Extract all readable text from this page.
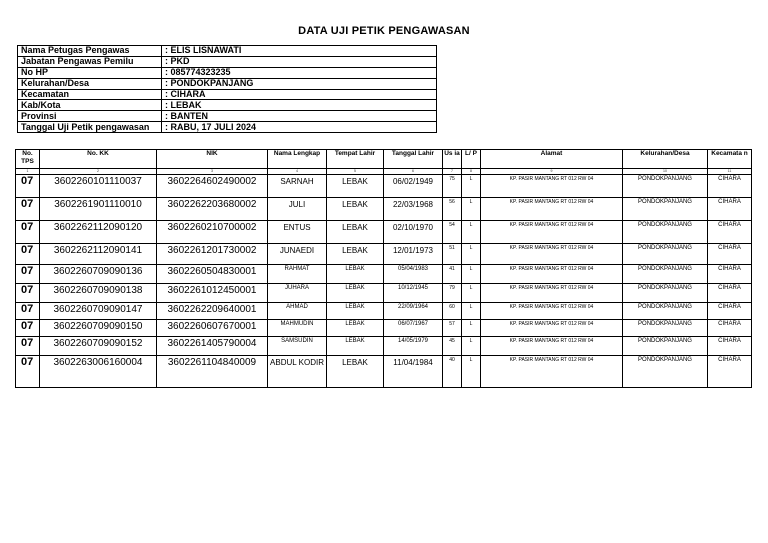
DATA UJI PETIK PENGAWASAN
Nama Petugas Pengawas	: ELIS LISNAWATI
Jabatan Pengawas Pemilu	: PKD
No HP	: 085774323235
Kelurahan/Desa	: PONDOKPANJANG
Kecamatan	: CIHARA
Kab/Kota	: LEBAK
Provinsi	: BANTEN
Tanggal Uji Petik pengawasan	: RABU, 17 JULI 2024
No. TPS	No. KK	NIK	Nama Lengkap	Tempat Lahir	Tanggal Lahir	Us ia	L/ P	Alamat	Kelurahan/Desa	Kecamata n
1	2	3	4	5	6	7	8	9	10	11
07	3602260101110037	3602264602490002	SARNAH	LEBAK	06/02/1949	75	L	KP. PASIR MANTANG RT 012 RW 04	PONDOKPANJANG	CIHARA
07	3602261901110010	3602262203680002	JULI	LEBAK	22/03/1968	56	L	KP. PASIR MANTANG RT 012 RW 04	PONDOKPANJANG	CIHARA
07	3602262112090120	3602260210700002	ENTUS	LEBAK	02/10/1970	54	L	KP. PASIR MANTANG RT 012 RW 04	PONDOKPANJANG	CIHARA
07	3602262112090141	3602261201730002	JUNAEDI	LEBAK	12/01/1973	51	L	KP. PASIR MANTANG RT 012 RW 04	PONDOKPANJANG	CIHARA
07	3602260709090136	3602260504830001	RAHMAT	LEBAK	05/04/1983	41	L	KP. PASIR MANTANG RT 012 RW 04	PONDOKPANJANG	CIHARA
07	3602260709090138	3602261012450001	JUHARA	LEBAK	10/12/1945	79	L	KP. PASIR MANTANG RT 012 RW 04	PONDOKPANJANG	CIHARA
07	3602260709090147	3602262209640001	AHMAD	LEBAK	22/09/1964	60	L	KP. PASIR MANTANG RT 012 RW 04	PONDOKPANJANG	CIHARA
07	3602260709090150	3602260607670001	MAHMUDIN	LEBAK	06/07/1967	57	L	KP. PASIR MANTANG RT 012 RW 04	PONDOKPANJANG	CIHARA
07	3602260709090152	3602261405790004	SAMSUDIN	LEBAK	14/05/1979	45	L	KP. PASIR MANTANG RT 012 RW 04	PONDOKPANJANG	CIHARA
07	3602263006160004	3602261104840009	ABDUL KODIR	LEBAK	11/04/1984	40	L	KP. PASIR MANTANG RT 012 RW 04	PONDOKPANJANG	CIHARA
